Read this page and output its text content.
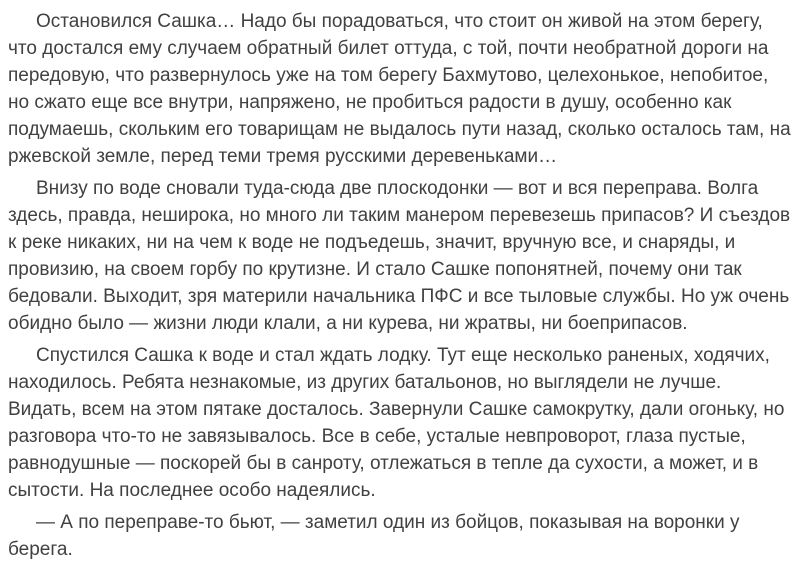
Остановился Сашка… Надо бы порадоваться, что стоит он живой на этом берегу, что достался ему случаем обратный билет оттуда, с той, почти необратной дороги на передовую, что развернулось уже на том берегу Бахмутово, целехонькое, непобитое, но сжато еще все внутри, напряжено, не пробиться радости в душу, особенно как подумаешь, скольким его товарищам не выдалось пути назад, сколько осталось там, на ржевской земле, перед теми тремя русскими деревеньками…

Внизу по воде сновали туда-сюда две плоскодонки — вот и вся переправа. Волга здесь, правда, неширока, но много ли таким манером перевезешь припасов? И съездов к реке никаких, ни на чем к воде не подъедешь, значит, вручную все, и снаряды, и провизию, на своем горбу по крутизне. И стало Сашке попонятней, почему они так бедовали. Выходит, зря материли начальника ПФС и все тыловые службы. Но уж очень обидно было — жизни люди клали, а ни курева, ни жратвы, ни боеприпасов.

Спустился Сашка к воде и стал ждать лодку. Тут еще несколько раненых, ходячих, находилось. Ребята незнакомые, из других батальонов, но выглядели не лучше. Видать, всем на этом пятаке досталось. Завернули Сашке самокрутку, дали огоньку, но разговора что-то не завязывалось. Все в себе, усталые невпроворот, глаза пустые, равнодушные — поскорей бы в санроту, отлежаться в тепле да сухости, а может, и в сытости. На последнее особо надеялись.

— А по переправе-то бьют, — заметил один из бойцов, показывая на воронки у берега.
